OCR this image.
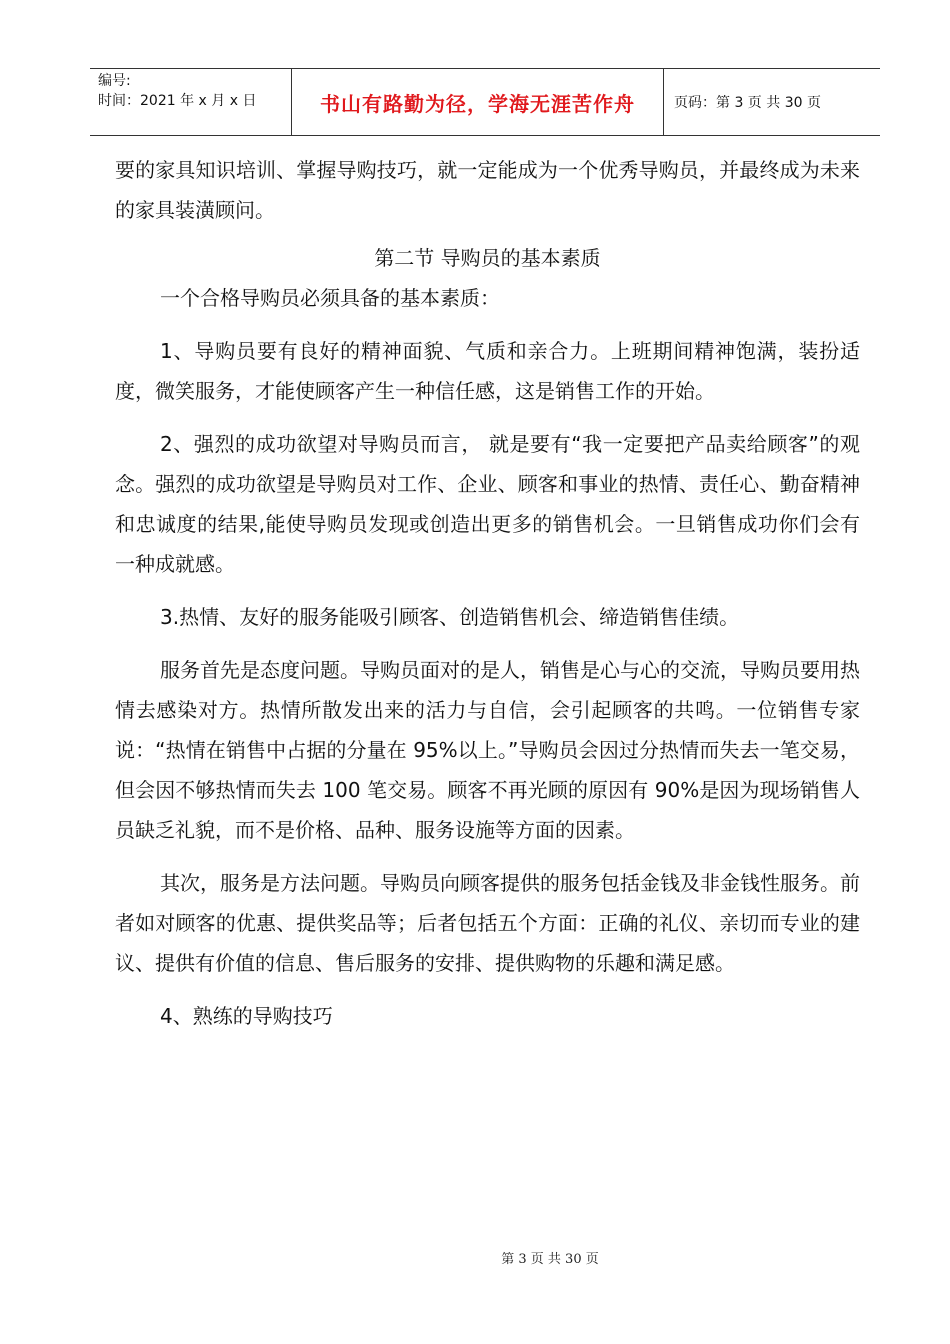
编号:
时间：2021 年 x 月 x 日	书山有路勤为径，学海无涯苦作舟	页码：第 3 页 共 30 页

要的家具知识培训、掌握导购技巧，就一定能成为一个优秀导购员，并最终成为未来的家具装潢顾问。

第二节 导购员的基本素质

一个合格导购员必须具备的基本素质：

1、导购员要有良好的精神面貌、气质和亲合力。上班期间精神饱满，装扮适度，微笑服务，才能使顾客产生一种信任感，这是销售工作的开始。

2、强烈的成功欲望对导购员而言， 就是要有“我一定要把产品卖给顾客”的观念。强烈的成功欲望是导购员对工作、企业、顾客和事业的热情、责任心、勤奋精神和忠诚度的结果,能使导购员发现或创造出更多的销售机会。一旦销售成功你们会有一种成就感。

3.热情、友好的服务能吸引顾客、创造销售机会、缔造销售佳绩。

服务首先是态度问题。导购员面对的是人，销售是心与心的交流，导购员要用热情去感染对方。热情所散发出来的活力与自信，会引起顾客的共鸣。一位销售专家说：“热情在销售中占据的分量在 95%以上。”导购员会因过分热情而失去一笔交易，但会因不够热情而失去 100 笔交易。顾客不再光顾的原因有 90%是因为现场销售人员缺乏礼貌，而不是价格、品种、服务设施等方面的因素。

其次，服务是方法问题。导购员向顾客提供的服务包括金钱及非金钱性服务。前者如对顾客的优惠、提供奖品等；后者包括五个方面：正确的礼仪、亲切而专业的建议、提供有价值的信息、售后服务的安排、提供购物的乐趣和满足感。

4、熟练的导购技巧

第 3 页 共 30 页
